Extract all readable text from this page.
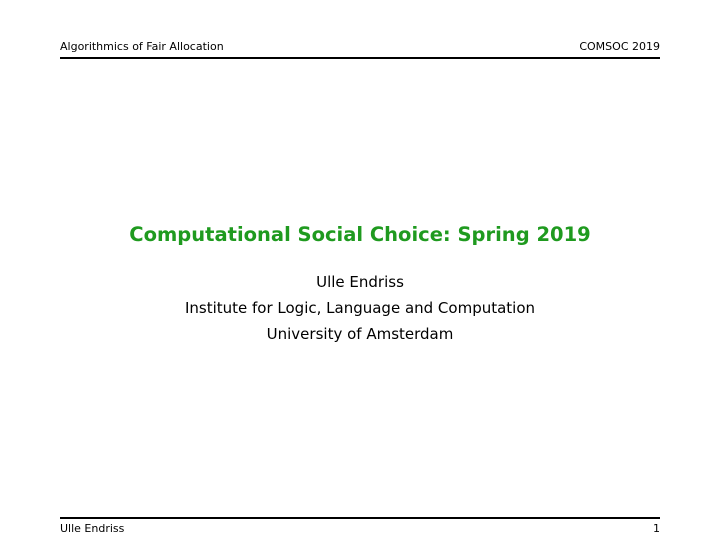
Algorithmics of Fair Allocation	COMSOC 2019
Computational Social Choice: Spring 2019
Ulle Endriss
Institute for Logic, Language and Computation
University of Amsterdam
Ulle Endriss	1
